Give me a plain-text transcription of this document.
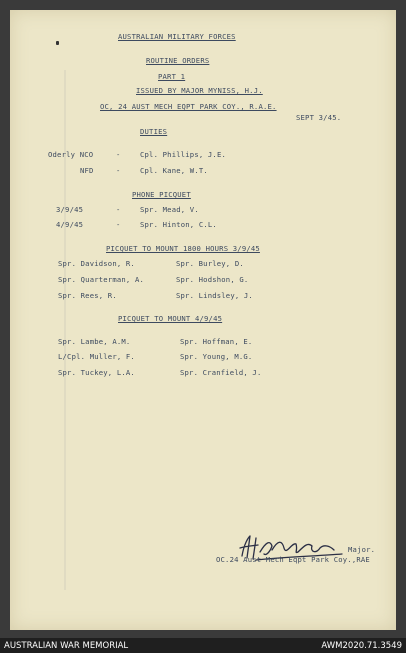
AUSTRALIAN MILITARY FORCES
ROUTINE ORDERS
PART 1
ISSUED BY MAJOR MYNISS, H.J.
OC, 24 AUST MECH EQPT PARK COY., R.A.E.
SEPT 3/45.
DUTIES
Oderly NCO	-	Cpl. Phillips, J.E.
NFD	-	Cpl. Kane, W.T.
PHONE PICQUET
3/9/45	-	Spr. Mead, V.
4/9/45	-	Spr. Hinton, C.L.
PICQUET TO MOUNT 1800 HOURS 3/9/45
Spr. Davidson, R.	Spr. Burley, D.
Spr. Quarterman, A.	Spr. Hodshon, G.
Spr. Rees, R.	Spr. Lindsley, J.
PICQUET TO MOUNT 4/9/45
Spr. Lambe, A.M.	Spr. Hoffman, E.
L/Cpl. Muller, F.	Spr. Young, M.G.
Spr. Tuckey, L.A.	Spr. Cranfield, J.
Major.
OC.24 Aust Mech Eqpt Park Coy.,RAE
AUSTRALIAN WAR MEMORIAL	AWM2020.71.3549
